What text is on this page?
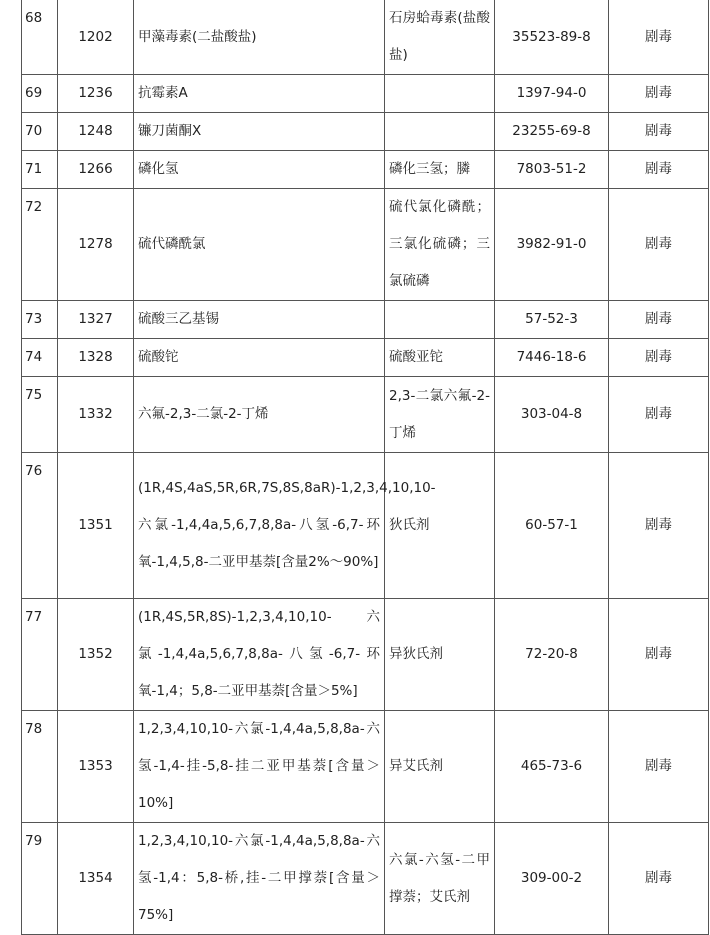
68	1202	甲藻毒素(二盐酸盐)	石房蛤毒素(盐酸盐)	35523-89-8	剧毒
69	1236	抗霉素A		1397-94-0	剧毒
70	1248	镰刀菌酮X		23255-69-8	剧毒
71	1266	磷化氢	磷化三氢；膦	7803-51-2	剧毒
72	1278	硫代磷酰氯	硫代氯化磷酰；三氯化硫磷；三氯硫磷	3982-91-0	剧毒
73	1327	硫酸三乙基锡		57-52-3	剧毒
74	1328	硫酸铊	硫酸亚铊	7446-18-6	剧毒
75	1332	六氟-2,3-二氯-2-丁烯	2,3-二氯六氟-2-丁烯	303-04-8	剧毒
76	1351	(1R,4S,4aS,5R,6R,7S,8S,8aR)-1,2,3,4,10,10-六氯-1,4,4a,5,6,7,8,8a-八氢-6,7-环氧-1,4,5,8-二亚甲基萘[含量2%～90%]	狄氏剂	60-57-1	剧毒
77	1352	(1R,4S,5R,8S)-1,2,3,4,10,10-六氯-1,4,4a,5,6,7,8,8a-八氢-6,7-环氧-1,4；5,8-二亚甲基萘[含量＞5%]	异狄氏剂	72-20-8	剧毒
78	1353	1,2,3,4,10,10-六氯-1,4,4a,5,8,8a-六氢-1,4-挂-5,8-挂二亚甲基萘[含量＞10%]	异艾氏剂	465-73-6	剧毒
79	1354	1,2,3,4,10,10-六氯-1,4,4a,5,8,8a-六氢-1,4：5,8-桥,挂-二甲撑萘[含量＞75%]	六氯-六氢-二甲撑萘；艾氏剂	309-00-2	剧毒
